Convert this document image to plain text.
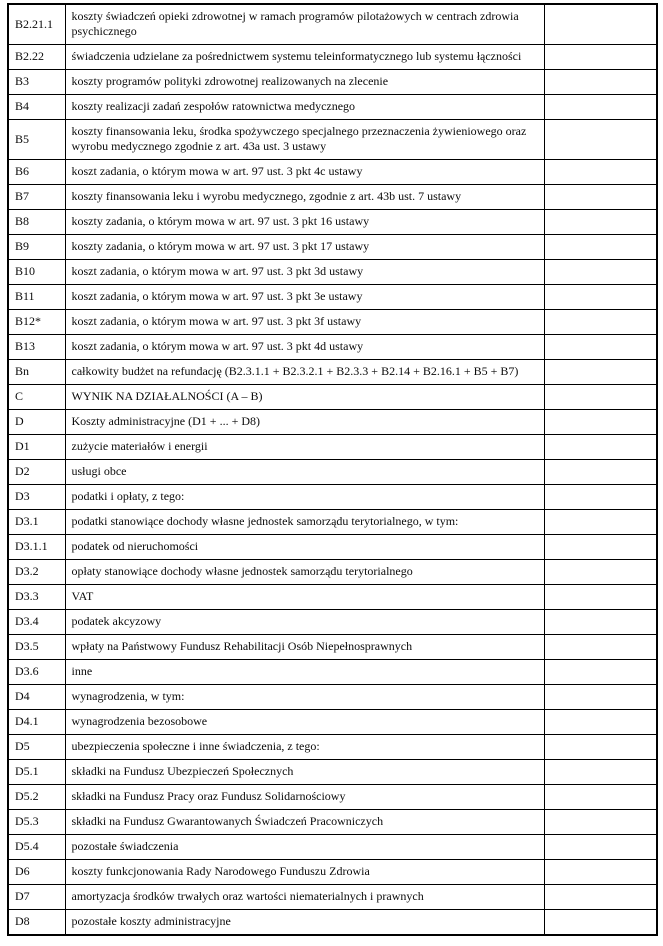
B2.21.1	koszty świadczeń opieki zdrowotnej w ramach programów pilotażowych w centrach zdrowia psychicznego	
B2.22	świadczenia udzielane za pośrednictwem systemu teleinformatycznego lub systemu łączności	
B3	koszty programów polityki zdrowotnej realizowanych na zlecenie	
B4	koszty realizacji zadań zespołów ratownictwa medycznego	
B5	koszty finansowania leku, środka spożywczego specjalnego przeznaczenia żywieniowego oraz wyrobu medycznego zgodnie z art. 43a ust. 3 ustawy	
B6	koszt zadania, o którym mowa w art. 97 ust. 3 pkt 4c ustawy	
B7	koszty finansowania leku i wyrobu medycznego, zgodnie z art. 43b ust. 7 ustawy	
B8	koszty zadania, o którym mowa w art. 97 ust. 3 pkt 16 ustawy	
B9	koszty zadania, o którym mowa w art. 97 ust. 3 pkt 17 ustawy	
B10	koszt zadania, o którym mowa w art. 97 ust. 3 pkt 3d ustawy	
B11	koszt zadania, o którym mowa w art. 97 ust. 3 pkt 3e ustawy	
B12*	koszt zadania, o którym mowa w art. 97 ust. 3 pkt 3f ustawy	
B13	koszt zadania, o którym mowa w art. 97 ust. 3 pkt 4d ustawy	
Bn	całkowity budżet na refundację (B2.3.1.1 + B2.3.2.1 + B2.3.3 + B2.14 + B2.16.1 + B5 + B7)	
C	WYNIK NA DZIAŁALNOŚCI (A – B)	
D	Koszty administracyjne (D1 + ... + D8)	
D1	zużycie materiałów i energii	
D2	usługi obce	
D3	podatki i opłaty, z tego:	
D3.1	podatki stanowiące dochody własne jednostek samorządu terytorialnego, w tym:	
D3.1.1	podatek od nieruchomości	
D3.2	opłaty stanowiące dochody własne jednostek samorządu terytorialnego	
D3.3	VAT	
D3.4	podatek akcyzowy	
D3.5	wpłaty na Państwowy Fundusz Rehabilitacji Osób Niepełnosprawnych	
D3.6	inne	
D4	wynagrodzenia, w tym:	
D4.1	wynagrodzenia bezosobowe	
D5	ubezpieczenia społeczne i inne świadczenia, z tego:	
D5.1	składki na Fundusz Ubezpieczeń Społecznych	
D5.2	składki na Fundusz Pracy oraz Fundusz Solidarnościowy	
D5.3	składki na Fundusz Gwarantowanych Świadczeń Pracowniczych	
D5.4	pozostałe świadczenia	
D6	koszty funkcjonowania Rady Narodowego Funduszu Zdrowia	
D7	amortyzacja środków trwałych oraz wartości niematerialnych i prawnych	
D8	pozostałe koszty administracyjne	
